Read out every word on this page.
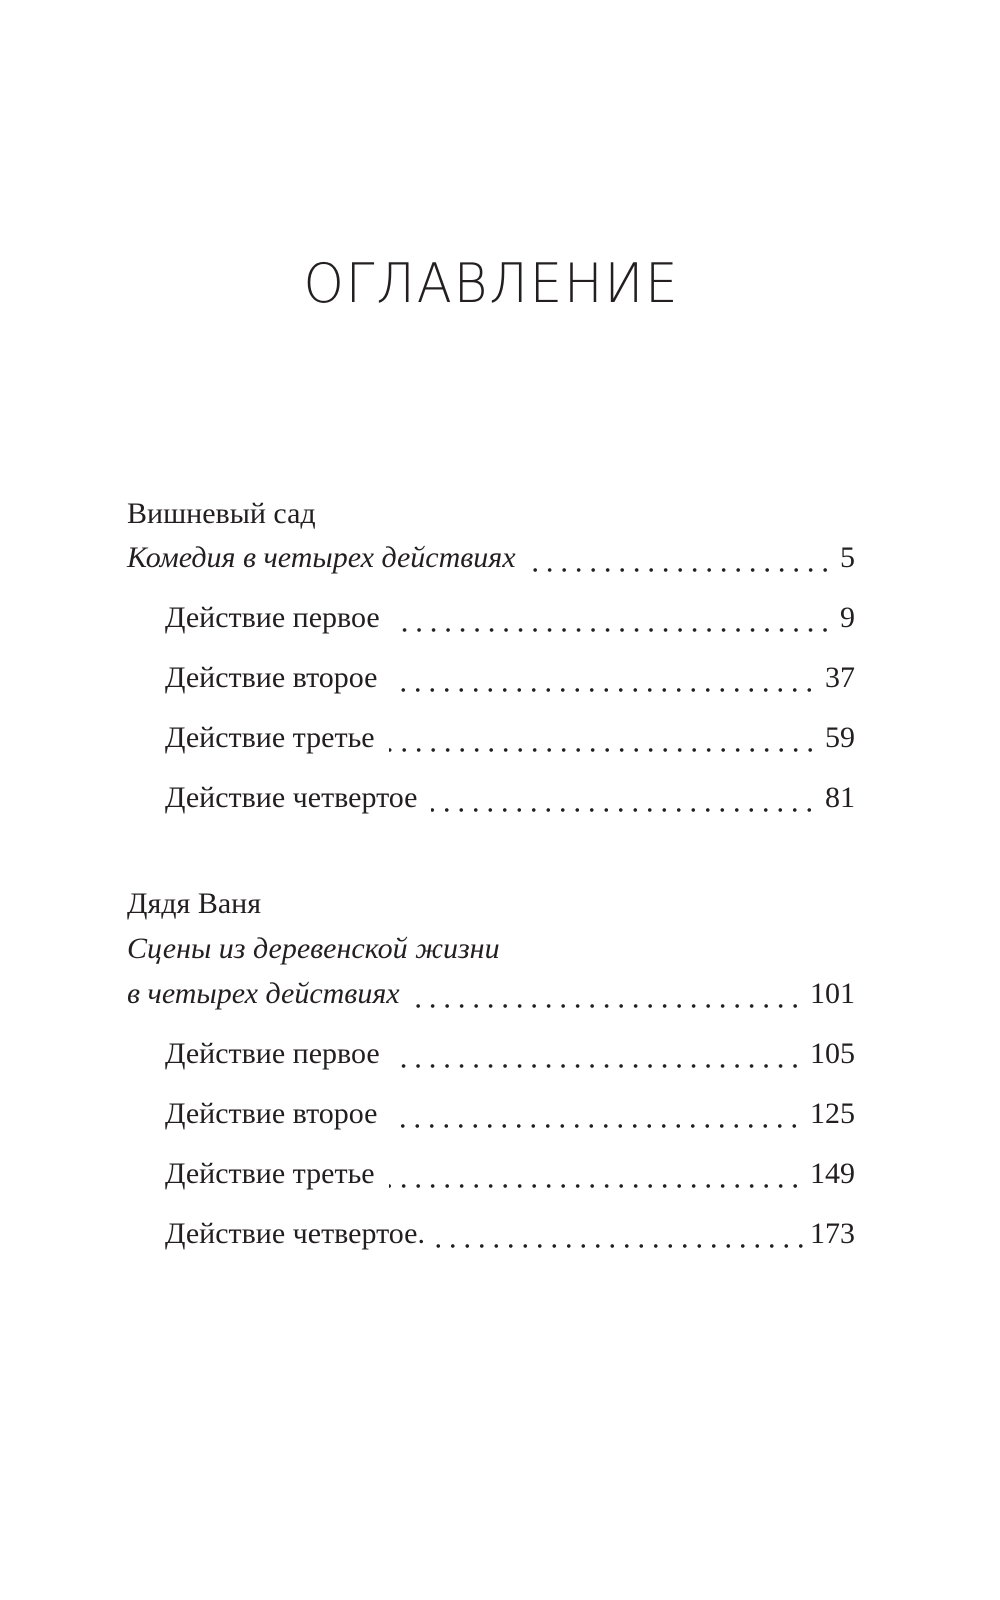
ОГЛАВЛЕНИЕ
Вишневый сад
Комедия в четырех действиях	5
Действие первое	9
Действие второе	37
Действие третье	59
Действие четвертое	81
Дядя Ваня
Сцены из деревенской жизни
в четырех действиях	101
Действие первое	105
Действие второе	125
Действие третье	149
Действие четвертое.	173
